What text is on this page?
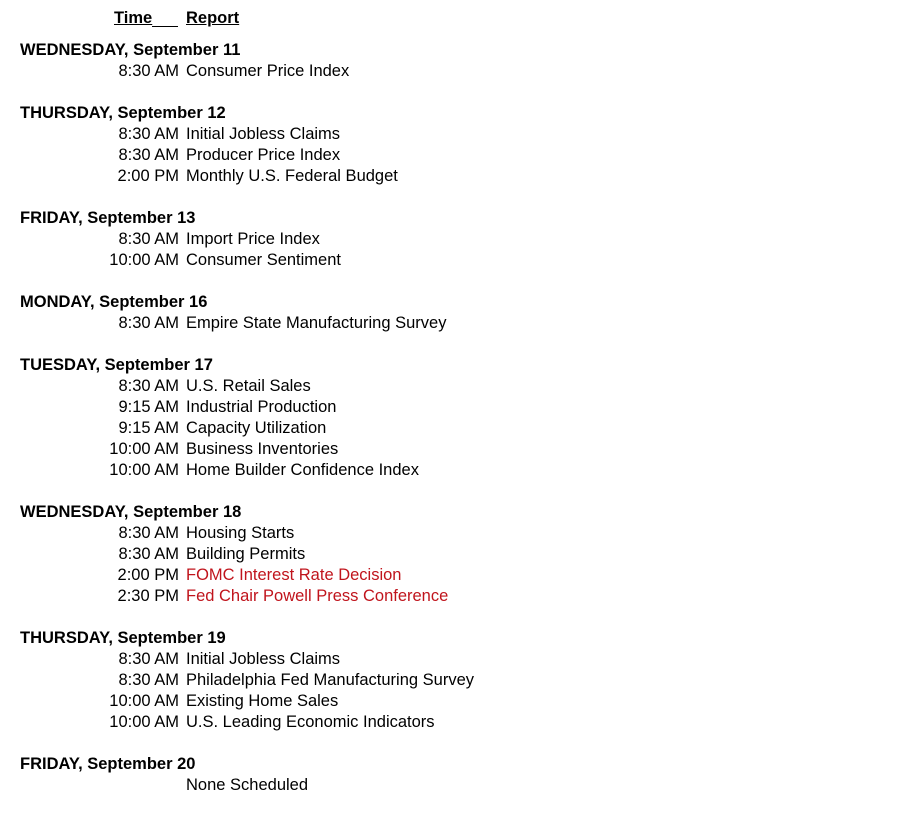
Time	Report
WEDNESDAY, September 11
8:30 AM Consumer Price Index
THURSDAY, September 12
8:30 AM Initial Jobless Claims
8:30 AM Producer Price Index
2:00 PM Monthly U.S. Federal Budget
FRIDAY, September 13
8:30 AM Import Price Index
10:00 AM Consumer Sentiment
MONDAY, September 16
8:30 AM Empire State Manufacturing Survey
TUESDAY, September 17
8:30 AM U.S. Retail Sales
9:15 AM Industrial Production
9:15 AM Capacity Utilization
10:00 AM Business Inventories
10:00 AM Home Builder Confidence Index
WEDNESDAY, September 18
8:30 AM Housing Starts
8:30 AM Building Permits
2:00 PM FOMC Interest Rate Decision
2:30 PM Fed Chair Powell Press Conference
THURSDAY, September 19
8:30 AM Initial Jobless Claims
8:30 AM Philadelphia Fed Manufacturing Survey
10:00 AM Existing Home Sales
10:00 AM U.S. Leading Economic Indicators
FRIDAY, September 20
None Scheduled
